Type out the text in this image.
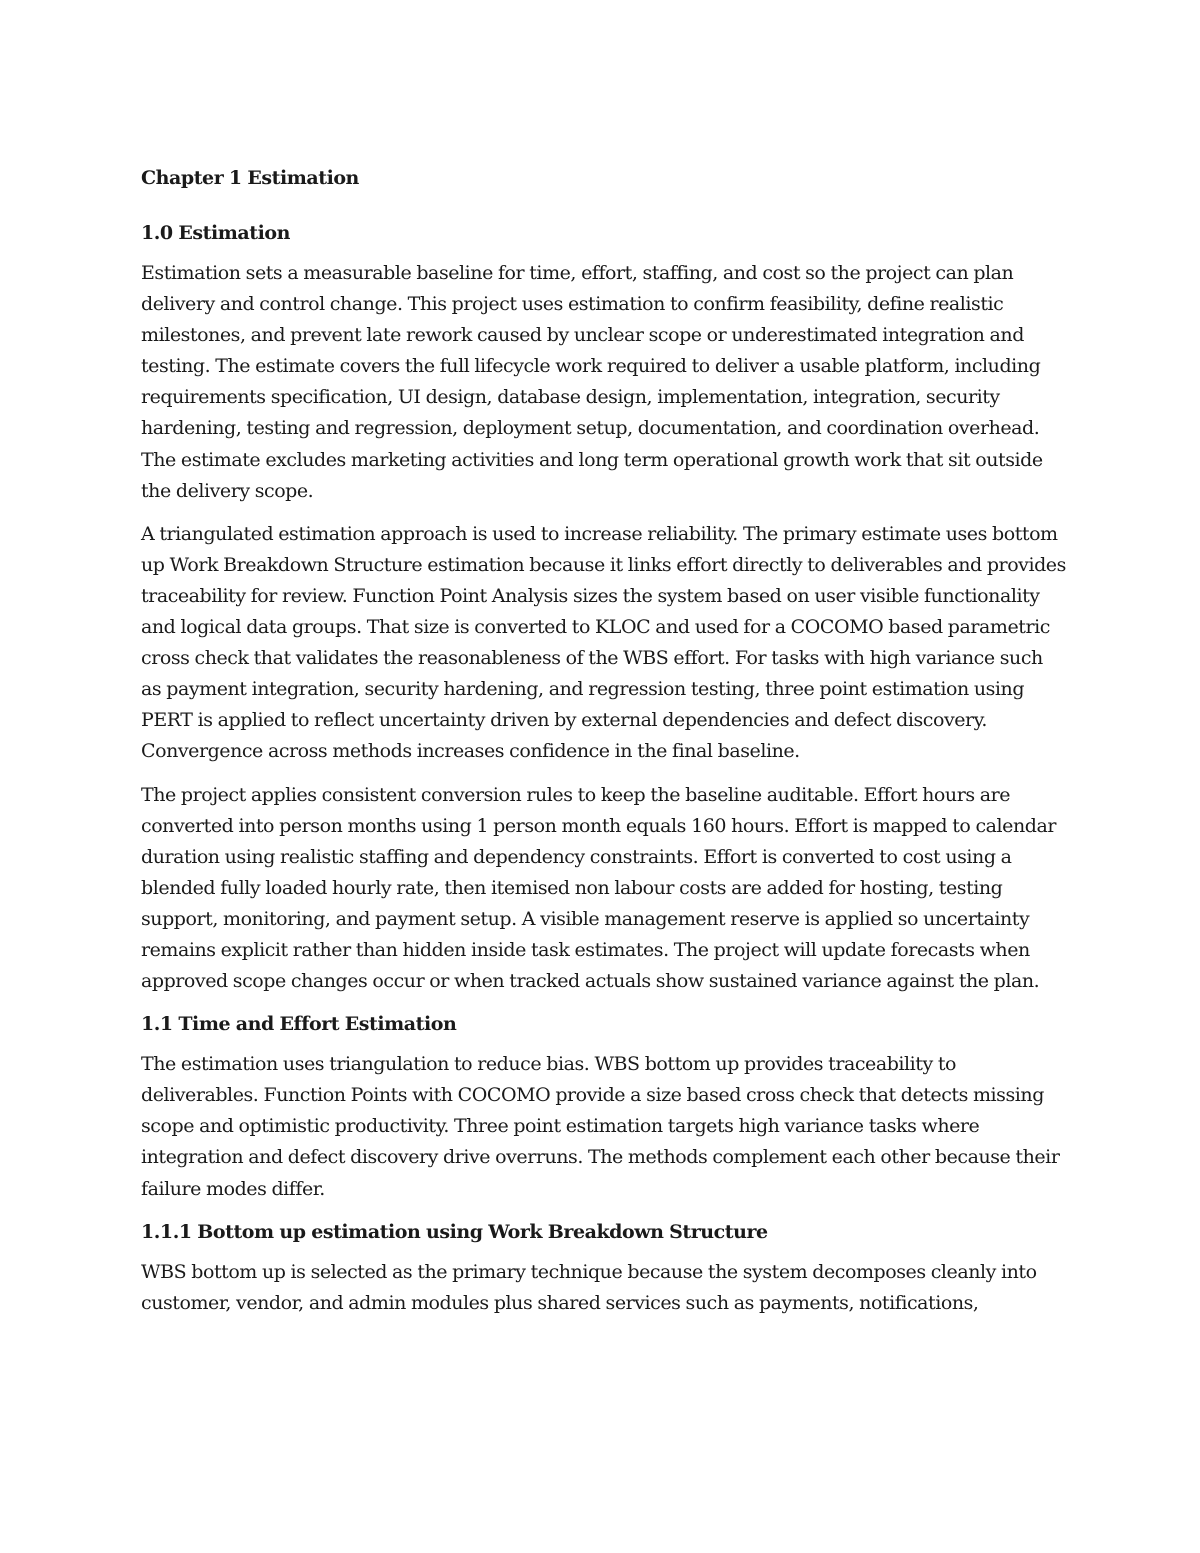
Chapter 1 Estimation
1.0 Estimation

Estimation sets a measurable baseline for time, effort, staffing, and cost so the project can plan delivery and control change. This project uses estimation to confirm feasibility, define realistic milestones, and prevent late rework caused by unclear scope or underestimated integration and testing. The estimate covers the full lifecycle work required to deliver a usable platform, including requirements specification, UI design, database design, implementation, integration, security hardening, testing and regression, deployment setup, documentation, and coordination overhead. The estimate excludes marketing activities and long term operational growth work that sit outside the delivery scope.

A triangulated estimation approach is used to increase reliability. The primary estimate uses bottom up Work Breakdown Structure estimation because it links effort directly to deliverables and provides traceability for review. Function Point Analysis sizes the system based on user visible functionality and logical data groups. That size is converted to KLOC and used for a COCOMO based parametric cross check that validates the reasonableness of the WBS effort. For tasks with high variance such as payment integration, security hardening, and regression testing, three point estimation using PERT is applied to reflect uncertainty driven by external dependencies and defect discovery. Convergence across methods increases confidence in the final baseline.

The project applies consistent conversion rules to keep the baseline auditable. Effort hours are converted into person months using 1 person month equals 160 hours. Effort is mapped to calendar duration using realistic staffing and dependency constraints. Effort is converted to cost using a blended fully loaded hourly rate, then itemised non labour costs are added for hosting, testing support, monitoring, and payment setup. A visible management reserve is applied so uncertainty remains explicit rather than hidden inside task estimates. The project will update forecasts when approved scope changes occur or when tracked actuals show sustained variance against the plan.

1.1 Time and Effort Estimation

The estimation uses triangulation to reduce bias. WBS bottom up provides traceability to deliverables. Function Points with COCOMO provide a size based cross check that detects missing scope and optimistic productivity. Three point estimation targets high variance tasks where integration and defect discovery drive overruns. The methods complement each other because their failure modes differ.

1.1.1 Bottom up estimation using Work Breakdown Structure

WBS bottom up is selected as the primary technique because the system decomposes cleanly into customer, vendor, and admin modules plus shared services such as payments, notifications,
